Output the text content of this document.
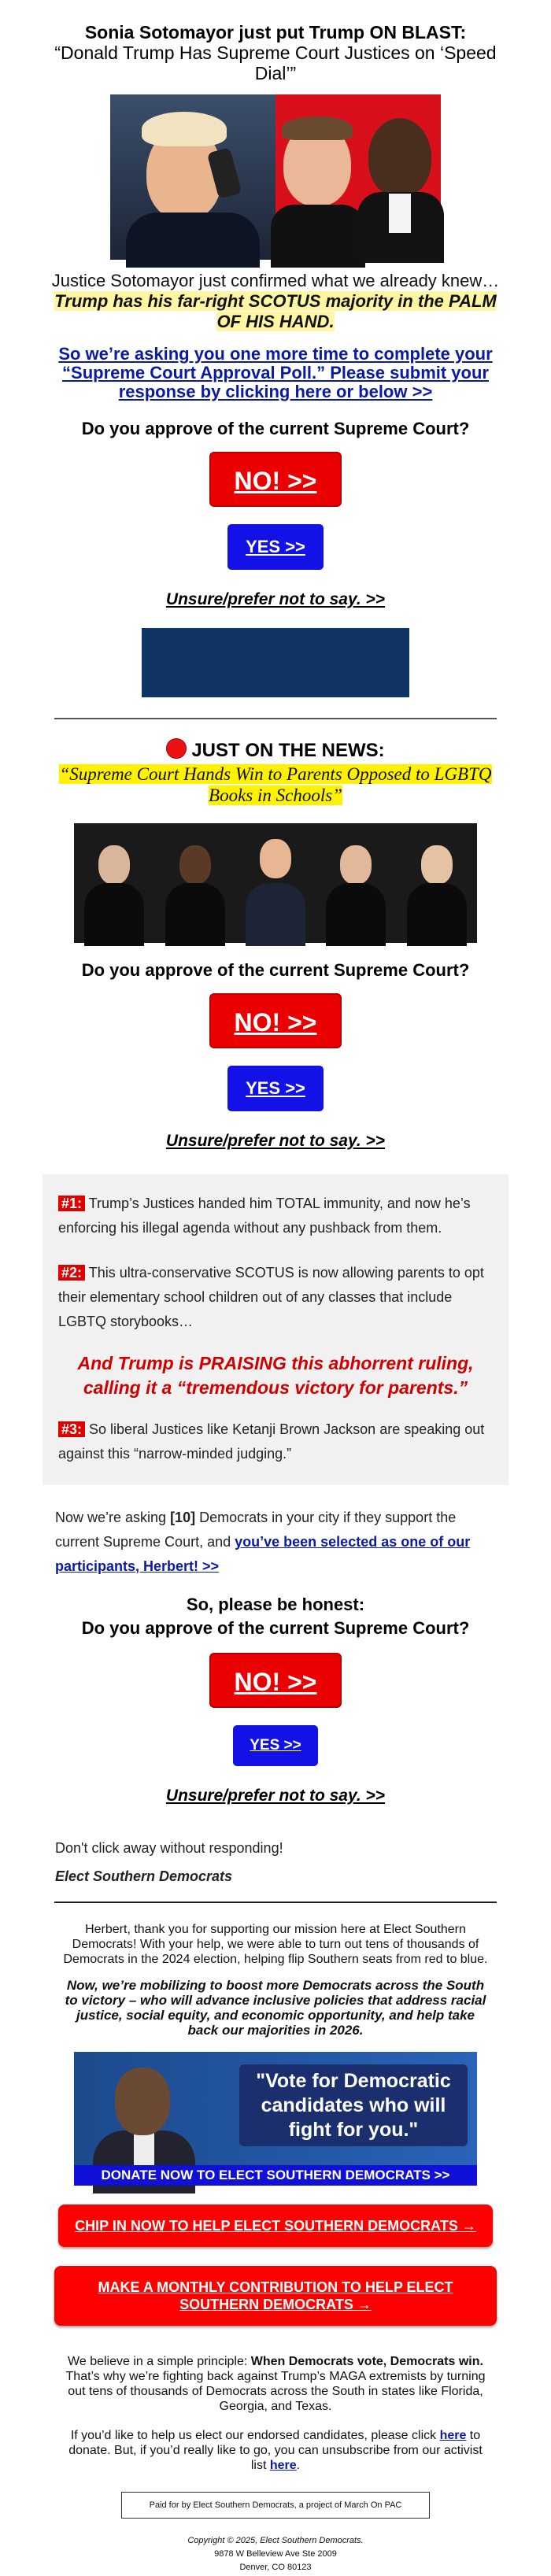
Sonia Sotomayor just put Trump ON BLAST:
“Donald Trump Has Supreme Court Justices on ‘Speed Dial’”
Justice Sotomayor just confirmed what we already knew…Trump has his far-right SCOTUS majority in the PALM OF HIS HAND.
So we’re asking you one more time to complete your “Supreme Court Approval Poll.” Please submit your response by clicking here or below >>
Do you approve of the current Supreme Court?
NO! >>
YES >>
Unsure/prefer not to say. >>
JUST ON THE NEWS:
“Supreme Court Hands Win to Parents Opposed to LGBTQ Books in Schools”
Do you approve of the current Supreme Court?
NO! >>
YES >>
Unsure/prefer not to say. >>
#1: Trump’s Justices handed him TOTAL immunity, and now he’s enforcing his illegal agenda without any pushback from them.
#2: This ultra-conservative SCOTUS is now allowing parents to opt their elementary school children out of any classes that include LGBTQ storybooks…
And Trump is PRAISING this abhorrent ruling, calling it a “tremendous victory for parents.”
#3: So liberal Justices like Ketanji Brown Jackson are speaking out against this “narrow-minded judging.”
Now we’re asking [10] Democrats in your city if they support the current Supreme Court, and you’ve been selected as one of our participants, Herbert! >>
So, please be honest:
Do you approve of the current Supreme Court?
NO! >>
YES >>
Unsure/prefer not to say. >>
Don't click away without responding!
Elect Southern Democrats
Herbert, thank you for supporting our mission here at Elect Southern Democrats! With your help, we were able to turn out tens of thousands of Democrats in the 2024 election, helping flip Southern seats from red to blue.
Now, we’re mobilizing to boost more Democrats across the South to victory – who will advance inclusive policies that address racial justice, social equity, and economic opportunity, and help take back our majorities in 2026.
"Vote for Democratic candidates who will fight for you."
DONATE NOW TO ELECT SOUTHERN DEMOCRATS >>
CHIP IN NOW TO HELP ELECT SOUTHERN DEMOCRATS →
MAKE A MONTHLY CONTRIBUTION TO HELP ELECT SOUTHERN DEMOCRATS →
We believe in a simple principle: When Democrats vote, Democrats win. That’s why we’re fighting back against Trump’s MAGA extremists by turning out tens of thousands of Democrats across the South in states like Florida, Georgia, and Texas.
If you’d like to help us elect our endorsed candidates, please click here to donate. But, if you’d really like to go, you can unsubscribe from our activist list here.
Paid for by Elect Southern Democrats, a project of March On PAC
Copyright © 2025, Elect Southern Democrats.
9878 W Belleview Ave Ste 2009
Denver, CO 80123
